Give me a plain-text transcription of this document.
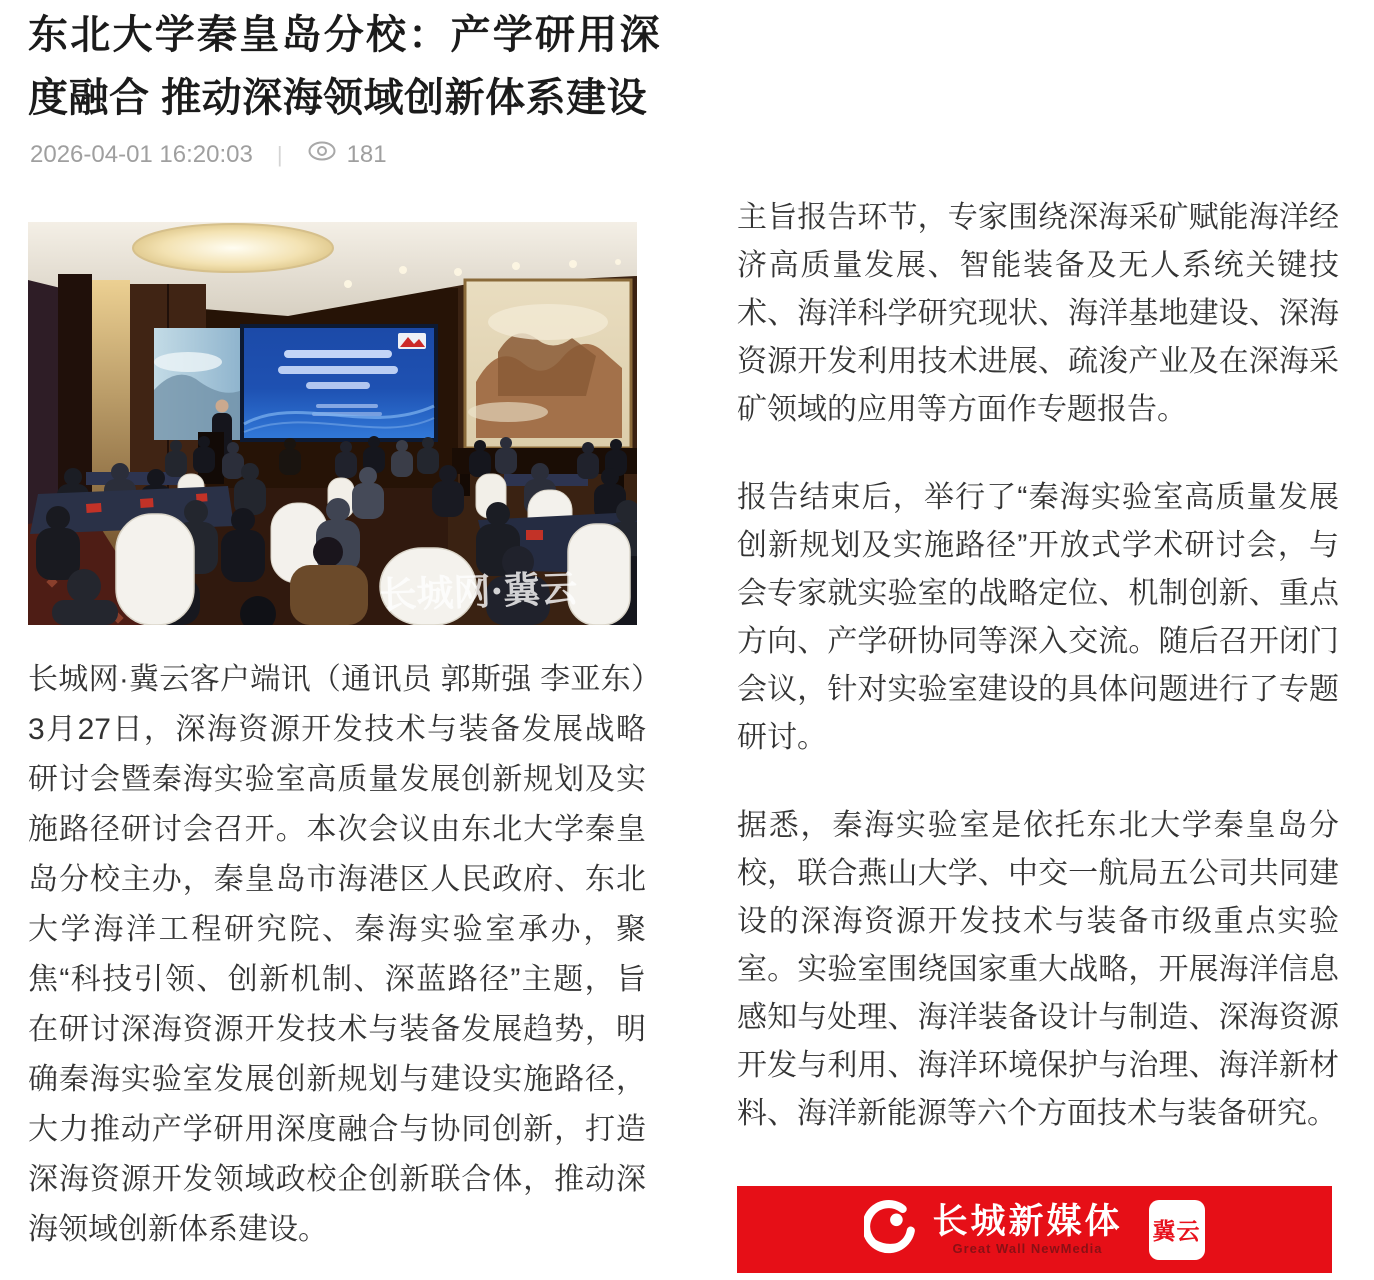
东北大学秦皇岛分校：产学研用深度融合 推动深海领域创新体系建设
2026-04-01 16:20:03 |	181
长城网·冀云

长城网·冀云客户端讯（通讯员 郭斯强 李亚东）3月27日，深海资源开发技术与装备发展战略研讨会暨秦海实验室高质量发展创新规划及实施路径研讨会召开。本次会议由东北大学秦皇岛分校主办，秦皇岛市海港区人民政府、东北大学海洋工程研究院、秦海实验室承办，聚焦“科技引领、创新机制、深蓝路径”主题，旨在研讨深海资源开发技术与装备发展趋势，明确秦海实验室发展创新规划与建设实施路径，大力推动产学研用深度融合与协同创新，打造深海资源开发领域政校企创新联合体，推动深海领域创新体系建设。

主旨报告环节，专家围绕深海采矿赋能海洋经济高质量发展、智能装备及无人系统关键技术、海洋科学研究现状、海洋基地建设、深海资源开发利用技术进展、疏浚产业及在深海采矿领域的应用等方面作专题报告。

报告结束后，举行了“秦海实验室高质量发展创新规划及实施路径”开放式学术研讨会，与会专家就实验室的战略定位、机制创新、重点方向、产学研协同等深入交流。随后召开闭门会议，针对实验室建设的具体问题进行了专题研讨。

据悉，秦海实验室是依托东北大学秦皇岛分校，联合燕山大学、中交一航局五公司共同建设的深海资源开发技术与装备市级重点实验室。实验室围绕国家重大战略，开展海洋信息感知与处理、海洋装备设计与制造、深海资源开发与利用、海洋环境保护与治理、海洋新材料、海洋新能源等六个方面技术与装备研究。

长城新媒体
Great Wall NewMedia
冀云
